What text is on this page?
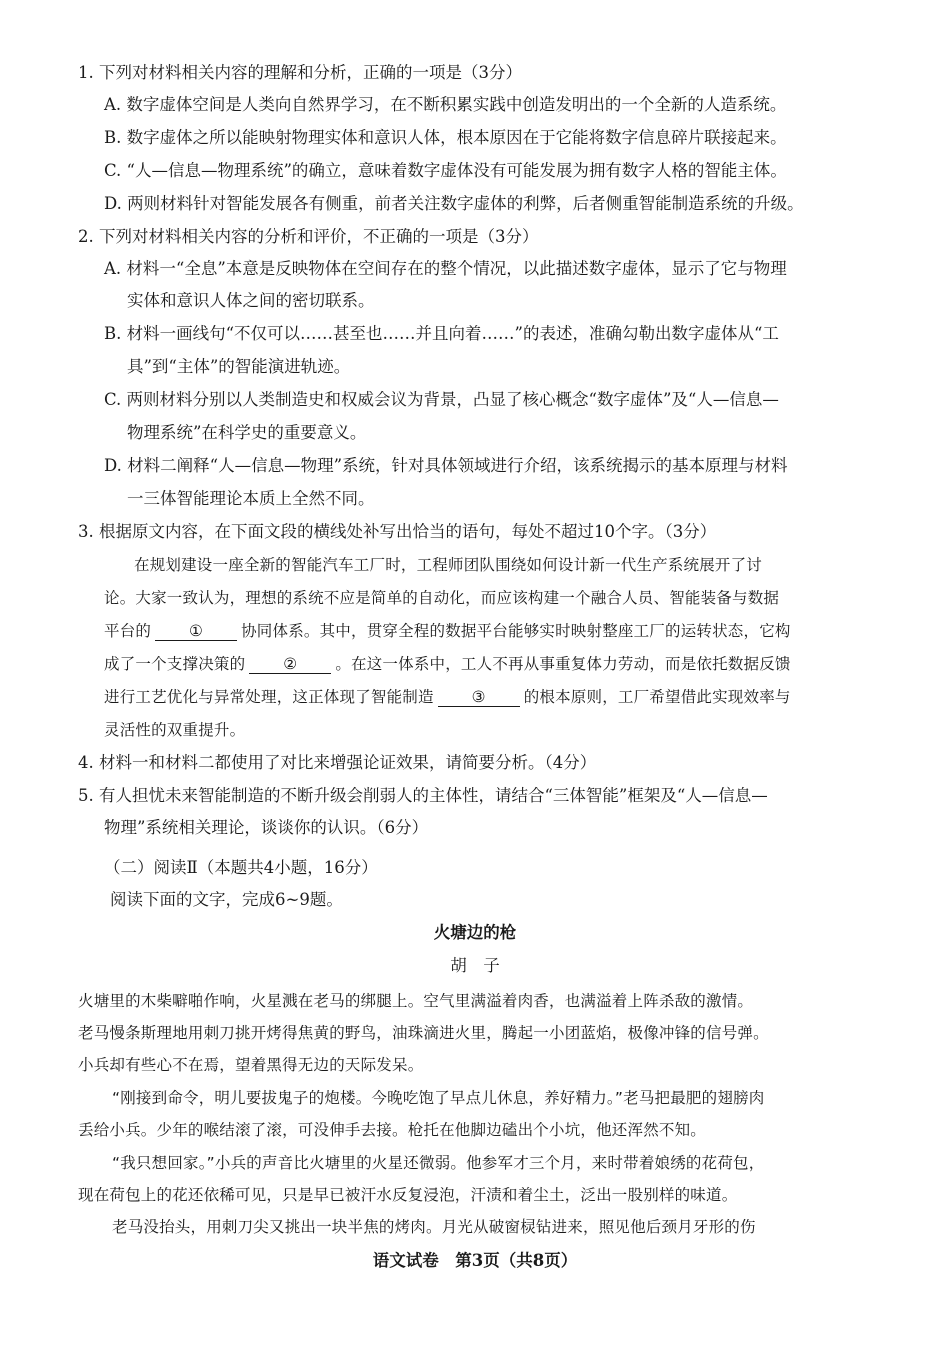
1. 下列对材料相关内容的理解和分析，正确的一项是（3分）
A. 数字虚体空间是人类向自然界学习，在不断积累实践中创造发明出的一个全新的人造系统。
B. 数字虚体之所以能映射物理实体和意识人体，根本原因在于它能将数字信息碎片联接起来。
C. “人—信息—物理系统”的确立，意味着数字虚体没有可能发展为拥有数字人格的智能主体。
D. 两则材料针对智能发展各有侧重，前者关注数字虚体的利弊，后者侧重智能制造系统的升级。
2. 下列对材料相关内容的分析和评价，不正确的一项是（3分）
A. 材料一“全息”本意是反映物体在空间存在的整个情况，以此描述数字虚体，显示了它与物理
实体和意识人体之间的密切联系。
B. 材料一画线句“不仅可以……甚至也……并且向着……”的表述，准确勾勒出数字虚体从“工
具”到“主体”的智能演进轨迹。
C. 两则材料分别以人类制造史和权威会议为背景，凸显了核心概念“数字虚体”及“人—信息—
物理系统”在科学史的重要意义。
D. 材料二阐释“人—信息—物理”系统，针对具体领域进行介绍，该系统揭示的基本原理与材料
一三体智能理论本质上全然不同。
3. 根据原文内容，在下面文段的横线处补写出恰当的语句，每处不超过10个字。（3分）
在规划建设一座全新的智能汽车工厂时，工程师团队围绕如何设计新一代生产系统展开了讨
论。大家一致认为，理想的系统不应是简单的自动化，而应该构建一个融合人员、智能装备与数据
平台的 ① 协同体系。其中，贯穿全程的数据平台能够实时映射整座工厂的运转状态，它构
成了一个支撑决策的 ② 。在这一体系中，工人不再从事重复体力劳动，而是依托数据反馈
进行工艺优化与异常处理，这正体现了智能制造 ③ 的根本原则，工厂希望借此实现效率与
灵活性的双重提升。
4. 材料一和材料二都使用了对比来增强论证效果，请简要分析。（4分）
5. 有人担忧未来智能制造的不断升级会削弱人的主体性，请结合“三体智能”框架及“人—信息—
物理”系统相关理论，谈谈你的认识。（6分）
（二）阅读Ⅱ（本题共4小题，16分）
阅读下面的文字，完成6~9题。
火塘边的枪
胡　子
火塘里的木柴噼啪作响，火星溅在老马的绑腿上。空气里满溢着肉香，也满溢着上阵杀敌的激情。
老马慢条斯理地用刺刀挑开烤得焦黄的野鸟，油珠滴进火里，腾起一小团蓝焰，极像冲锋的信号弹。
小兵却有些心不在焉，望着黑得无边的天际发呆。
“刚接到命令，明儿要拔鬼子的炮楼。今晚吃饱了早点儿休息，养好精力。”老马把最肥的翅膀肉
丢给小兵。少年的喉结滚了滚，可没伸手去接。枪托在他脚边磕出个小坑，他还浑然不知。
“我只想回家。”小兵的声音比火塘里的火星还微弱。他参军才三个月，来时带着娘绣的花荷包，
现在荷包上的花还依稀可见，只是早已被汗水反复浸泡，汗渍和着尘土，泛出一股别样的味道。
老马没抬头，用刺刀尖又挑出一块半焦的烤肉。月光从破窗棂钻进来，照见他后颈月牙形的伤
语文试卷　第3页（共8页）
